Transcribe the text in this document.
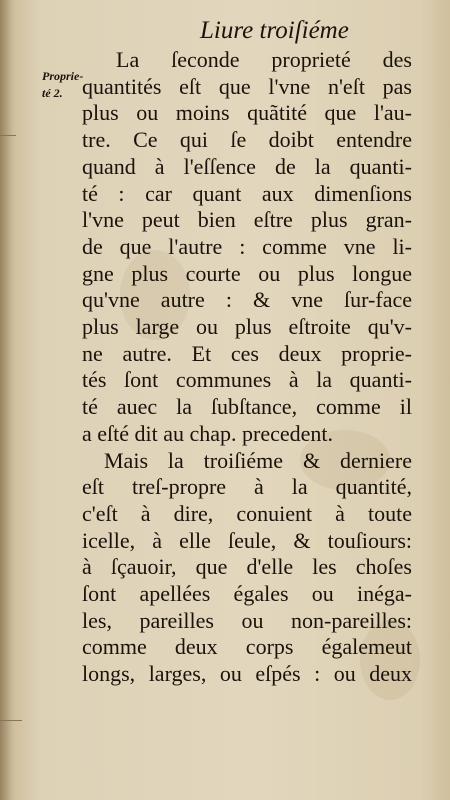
Liure troiſiéme
Proprie-
té 2.
La ſeconde proprieté des
quantités eſt que l'vne n'eſt pas
plus ou moins quãtité que l'au-
tre. Ce qui ſe doibt entendre
quand à l'eſſence de la quanti-
té : car quant aux dimenſions
l'vne peut bien eſtre plus gran-
de que l'autre : comme vne li-
gne plus courte ou plus longue
qu'vne autre : & vne ſur-face
plus large ou plus eſtroite qu'v-
ne autre. Et ces deux proprie-
tés ſont communes à la quanti-
té auec la ſubſtance, comme il
a eſté dit au chap. precedent.
Mais la troiſiéme & derniere
eſt treſ-propre à la quantité,
c'eſt à dire, conuient à toute
icelle, à elle ſeule, & touſiours:
à ſçauoir, que d'elle les choſes
ſont apellées égales ou inéga-
les, pareilles ou non-pareilles:
comme deux corps égalemeut
longs, larges, ou eſpés : ou deux
